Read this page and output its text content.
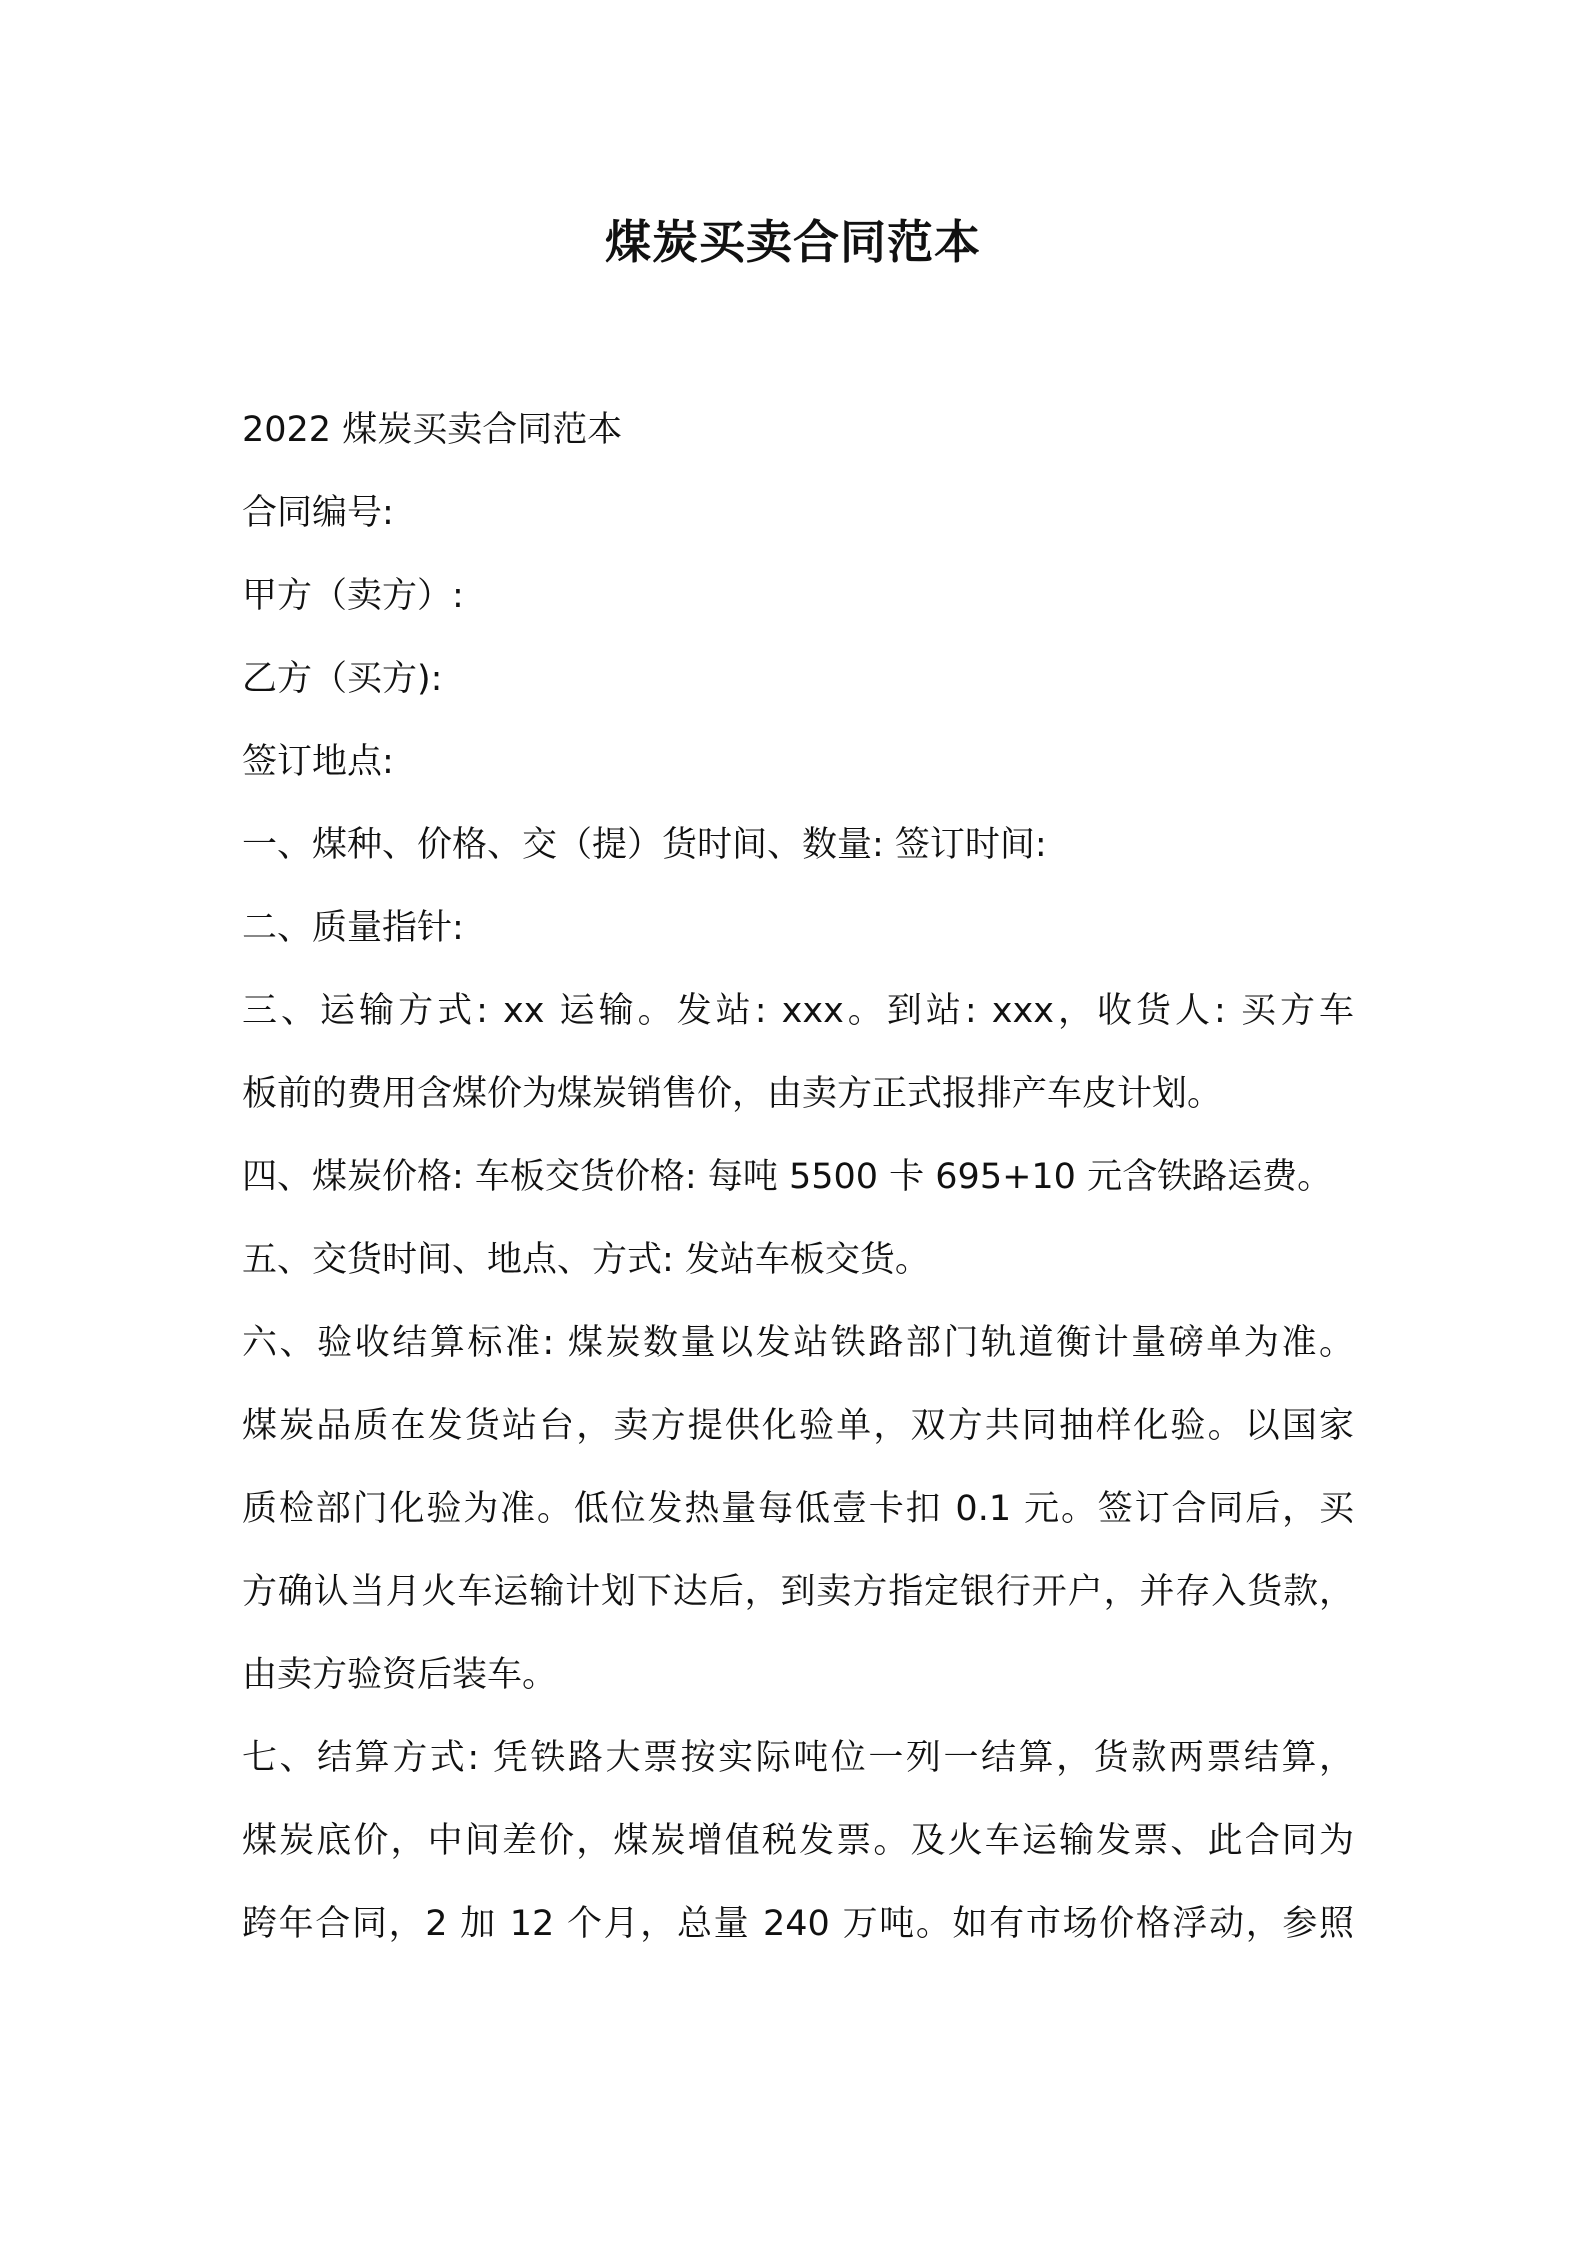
煤炭买卖合同范本
2022 煤炭买卖合同范本
合同编号:
甲方（卖方）:
乙方（买方):
签订地点:
一、煤种、价格、交（提）货时间、数量: 签订时间:
二、质量指针:
三、运输方式: xx 运输。发站: xxx。到站: xxx，收货人: 买方车
板前的费用含煤价为煤炭销售价，由卖方正式报排产车皮计划。
四、煤炭价格: 车板交货价格: 每吨 5500 卡 695+10 元含铁路运费。
五、交货时间、地点、方式: 发站车板交货。
六、验收结算标准: 煤炭数量以发站铁路部门轨道衡计量磅单为准。
煤炭品质在发货站台，卖方提供化验单，双方共同抽样化验。以国家
质检部门化验为准。低位发热量每低壹卡扣 0.1 元。签订合同后，买
方确认当月火车运输计划下达后，到卖方指定银行开户，并存入货款，
由卖方验资后装车。
七、结算方式: 凭铁路大票按实际吨位一列一结算，货款两票结算，
煤炭底价，中间差价，煤炭增值税发票。及火车运输发票、此合同为
跨年合同，2 加 12 个月，总量 240 万吨。如有市场价格浮动，参照
